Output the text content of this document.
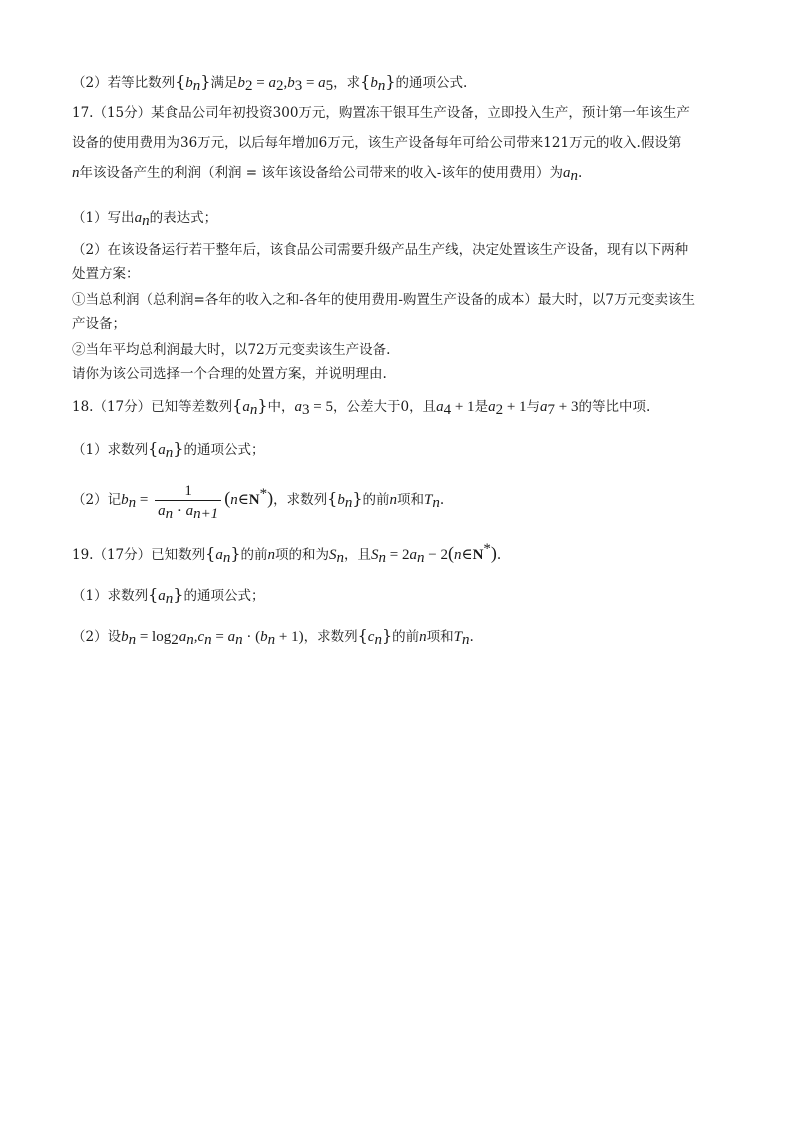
（2）若等比数列$\{b_n\}$满足$b_2 = a_2,b_3 = a_5$，求$\{b_n\}$的通项公式.
17.（15分）某食品公司年初投资300万元，购置冻干银耳生产设备，立即投入生产，预计第一年该生产
设备的使用费用为36万元，以后每年增加6万元，该生产设备每年可给公司带来121万元的收入.假设第
n年该设备产生的利润（利润 = 该年该设备给公司带来的收入-该年的使用费用）为$a_n$.
（1）写出$a_n$的表达式；
（2）在该设备运行若干整年后，该食品公司需要升级产品生产线，决定处置该生产设备，现有以下两种
处置方案：
①当总利润（总利润=各年的收入之和-各年的使用费用-购置生产设备的成本）最大时，以7万元变卖该生
产设备；
②当年平均总利润最大时，以72万元变卖该生产设备.
请你为该公司选择一个合理的处置方案，并说明理由.
18.（17分）已知等差数列$\{a_n\}$中，$a_3 = 5$，公差大于0，且$a_4 + 1$是$a_2 + 1$与$a_7 + 3$的等比中项.
（1）求数列$\{a_n\}$的通项公式；
（2）记$b_n = \frac{1}{a_n \cdot a_{n+1}}$ (n∈N*)，求数列$\{b_n\}$的前n项和$T_n$.
19.（17分）已知数列$\{a_n\}$的前n项的和为$S_n$，且$S_n = 2a_n$ − 2(n∈N*).
（1）求数列$\{a_n\}$的通项公式；
（2）设$b_n = \log_2a_n,c_n = a_n \cdot (b_n + 1)$，求数列$\{c_n\}$的前n项和$T_n$.
